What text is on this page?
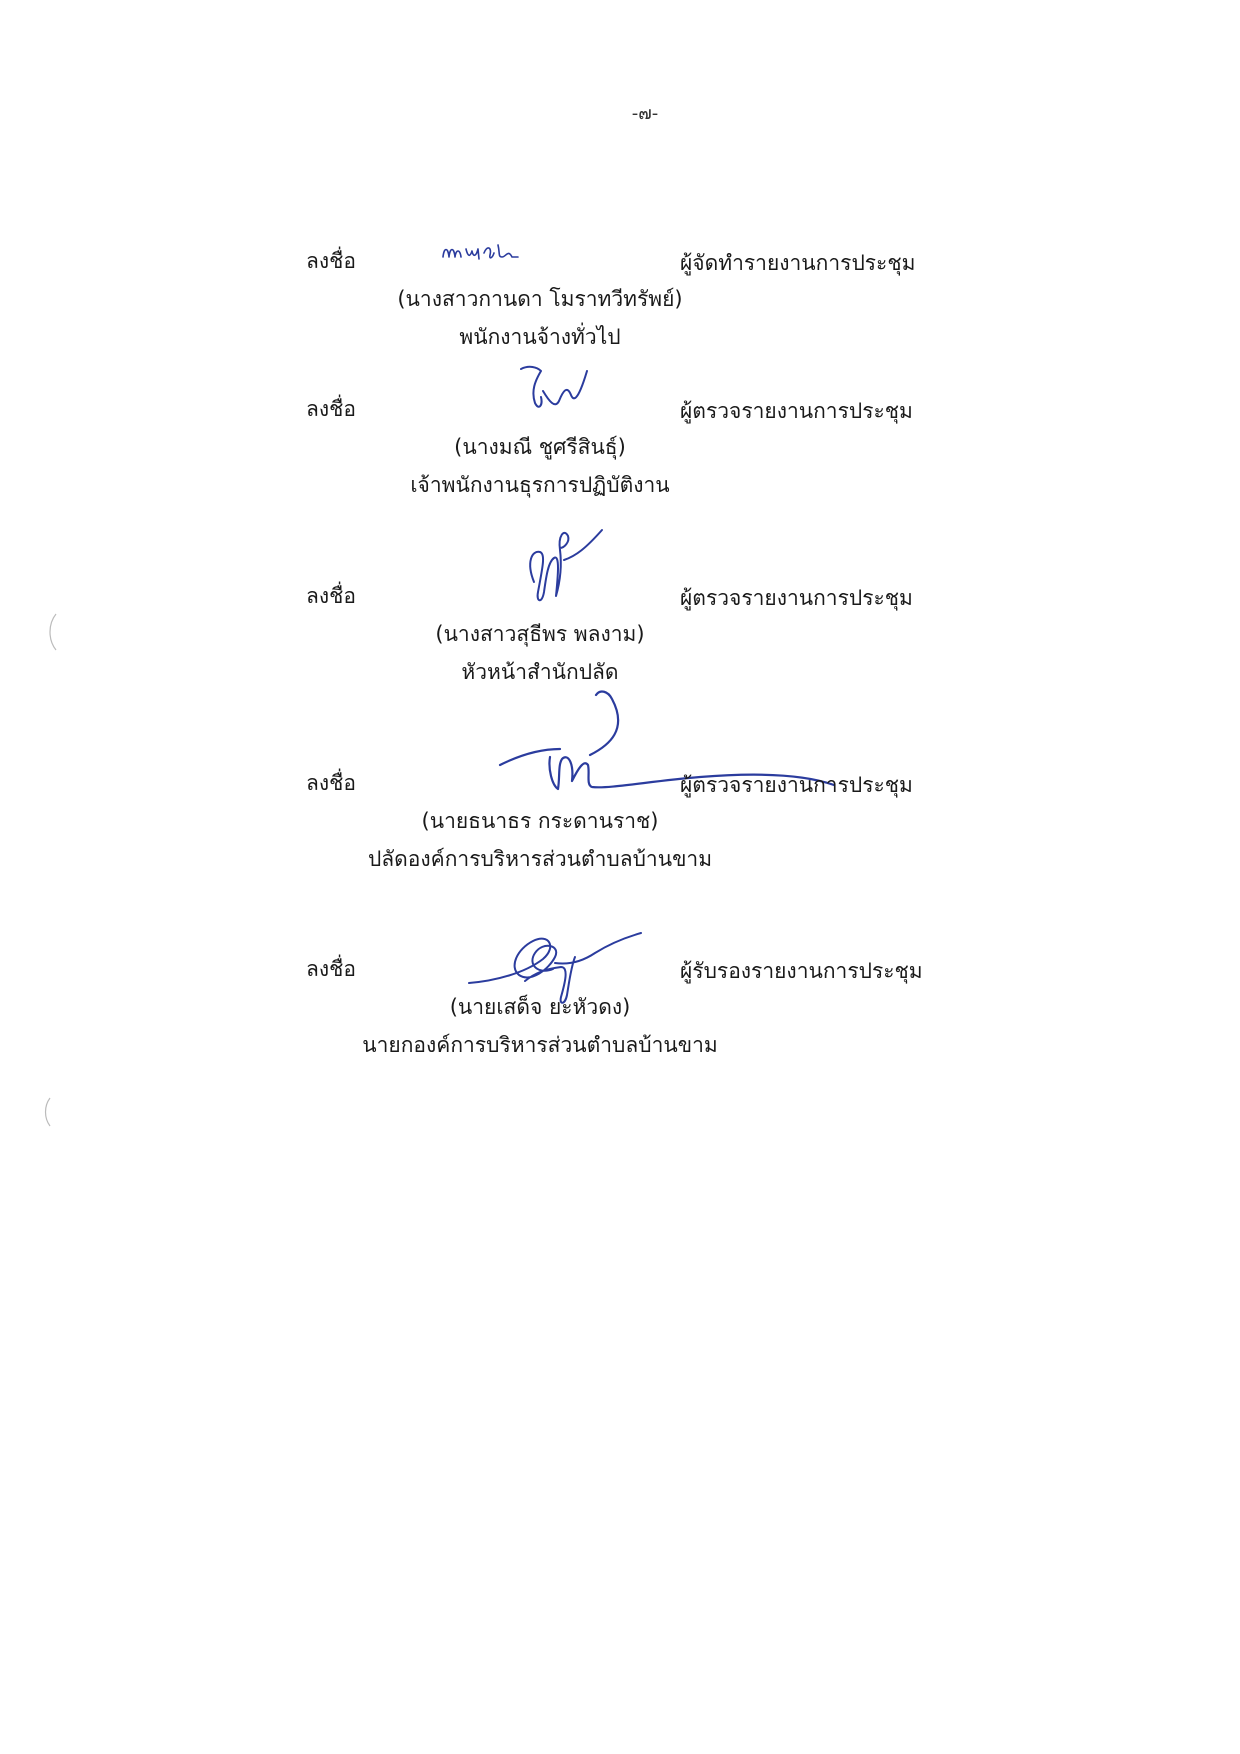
-๗-
ลงชื่อ	ผู้จัดทำรายงานการประชุม
(นางสาวกานดา โมราทวีทรัพย์)
พนักงานจ้างทั่วไป
ลงชื่อ	ผู้ตรวจรายงานการประชุม
(นางมณี ชูศรีสินธุ์)
เจ้าพนักงานธุรการปฏิบัติงาน
ลงชื่อ	ผู้ตรวจรายงานการประชุม
(นางสาวสุธีพร พลงาม)
หัวหน้าสำนักปลัด
ลงชื่อ	ผู้ตรวจรายงานการประชุม
(นายธนาธร กระดานราช)
ปลัดองค์การบริหารส่วนตำบลบ้านขาม
ลงชื่อ	ผู้รับรองรายงานการประชุม
(นายเสด็จ ยะหัวดง)
นายกองค์การบริหารส่วนตำบลบ้านขาม
